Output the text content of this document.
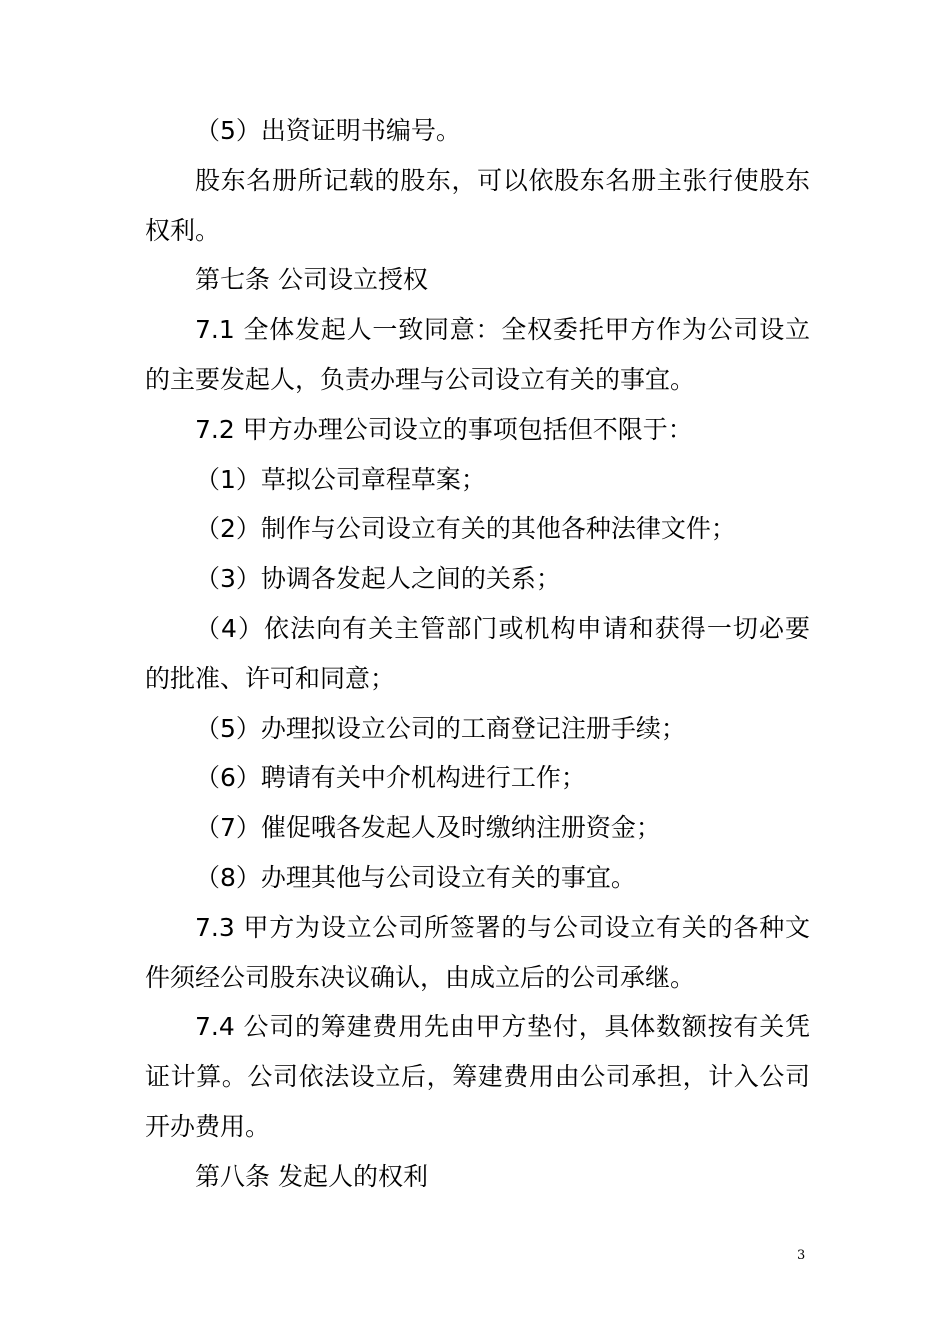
（5）出资证明书编号。

股东名册所记载的股东，可以依股东名册主张行使股东权利。

第七条 公司设立授权

7.1 全体发起人一致同意：全权委托甲方作为公司设立的主要发起人，负责办理与公司设立有关的事宜。

7.2 甲方办理公司设立的事项包括但不限于：

（1）草拟公司章程草案；

（2）制作与公司设立有关的其他各种法律文件；

（3）协调各发起人之间的关系；

（4）依法向有关主管部门或机构申请和获得一切必要的批准、许可和同意；

（5）办理拟设立公司的工商登记注册手续；

（6）聘请有关中介机构进行工作；

（7）催促哦各发起人及时缴纳注册资金；

（8）办理其他与公司设立有关的事宜。

7.3 甲方为设立公司所签署的与公司设立有关的各种文件须经公司股东决议确认，由成立后的公司承继。

7.4 公司的筹建费用先由甲方垫付，具体数额按有关凭证计算。公司依法设立后，筹建费用由公司承担，计入公司开办费用。

第八条 发起人的权利

3
